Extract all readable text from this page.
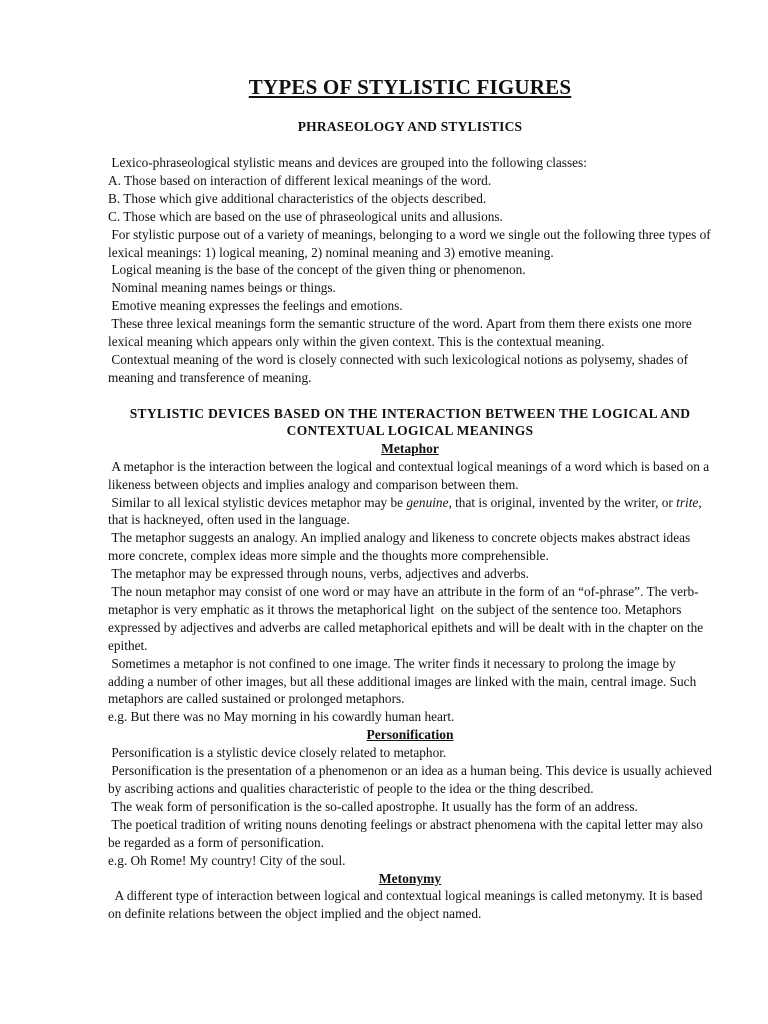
TYPES OF STYLISTIC FIGURES
PHRASEOLOGY AND STYLISTICS

Lexico-phraseological stylistic means and devices are grouped into the following classes:

A. Those based on interaction of different lexical meanings of the word.

B. Those which give additional characteristics of the objects described.

C. Those which are based on the use of phraseological units and allusions.

For stylistic purpose out of a variety of meanings, belonging to a word we single out the following three types of lexical meanings: 1) logical meaning, 2) nominal meaning and 3) emotive meaning.

Logical meaning is the base of the concept of the given thing or phenomenon.

Nominal meaning names beings or things.

Emotive meaning expresses the feelings and emotions.

These three lexical meanings form the semantic structure of the word. Apart from them there exists one more lexical meaning which appears only within the given context. This is the contextual meaning.

Contextual meaning of the word is closely connected with such lexicological notions as polysemy, shades of meaning and transference of meaning.

STYLISTIC DEVICES BASED ON THE INTERACTION BETWEEN THE LOGICAL AND CONTEXTUAL LOGICAL MEANINGS
Metaphor

A metaphor is the interaction between the logical and contextual logical meanings of a word which is based on a likeness between objects and implies analogy and comparison between them.

Similar to all lexical stylistic devices metaphor may be genuine, that is original, invented by the writer, or trite, that is hackneyed, often used in the language.

The metaphor suggests an analogy. An implied analogy and likeness to concrete objects makes abstract ideas more concrete, complex ideas more simple and the thoughts more comprehensible.

The metaphor may be expressed through nouns, verbs, adjectives and adverbs.

The noun metaphor may consist of one word or may have an attribute in the form of an “of-phrase”. The verb-metaphor is very emphatic as it throws the metaphorical light  on the subject of the sentence too. Metaphors expressed by adjectives and adverbs are called metaphorical epithets and will be dealt with in the chapter on the epithet.

Sometimes a metaphor is not confined to one image. The writer finds it necessary to prolong the image by adding a number of other images, but all these additional images are linked with the main, central image. Such metaphors are called sustained or prolonged metaphors.

e.g. But there was no May morning in his cowardly human heart.

Personification

Personification is a stylistic device closely related to metaphor.

Personification is the presentation of a phenomenon or an idea as a human being. This device is usually achieved by ascribing actions and qualities characteristic of people to the idea or the thing described.

The weak form of personification is the so-called apostrophe. It usually has the form of an address.

The poetical tradition of writing nouns denoting feelings or abstract phenomena with the capital letter may also be regarded as a form of personification.

e.g. Oh Rome! My country! City of the soul.

Metonymy

A different type of interaction between logical and contextual logical meanings is called metonymy. It is based on definite relations between the object implied and the object named.
